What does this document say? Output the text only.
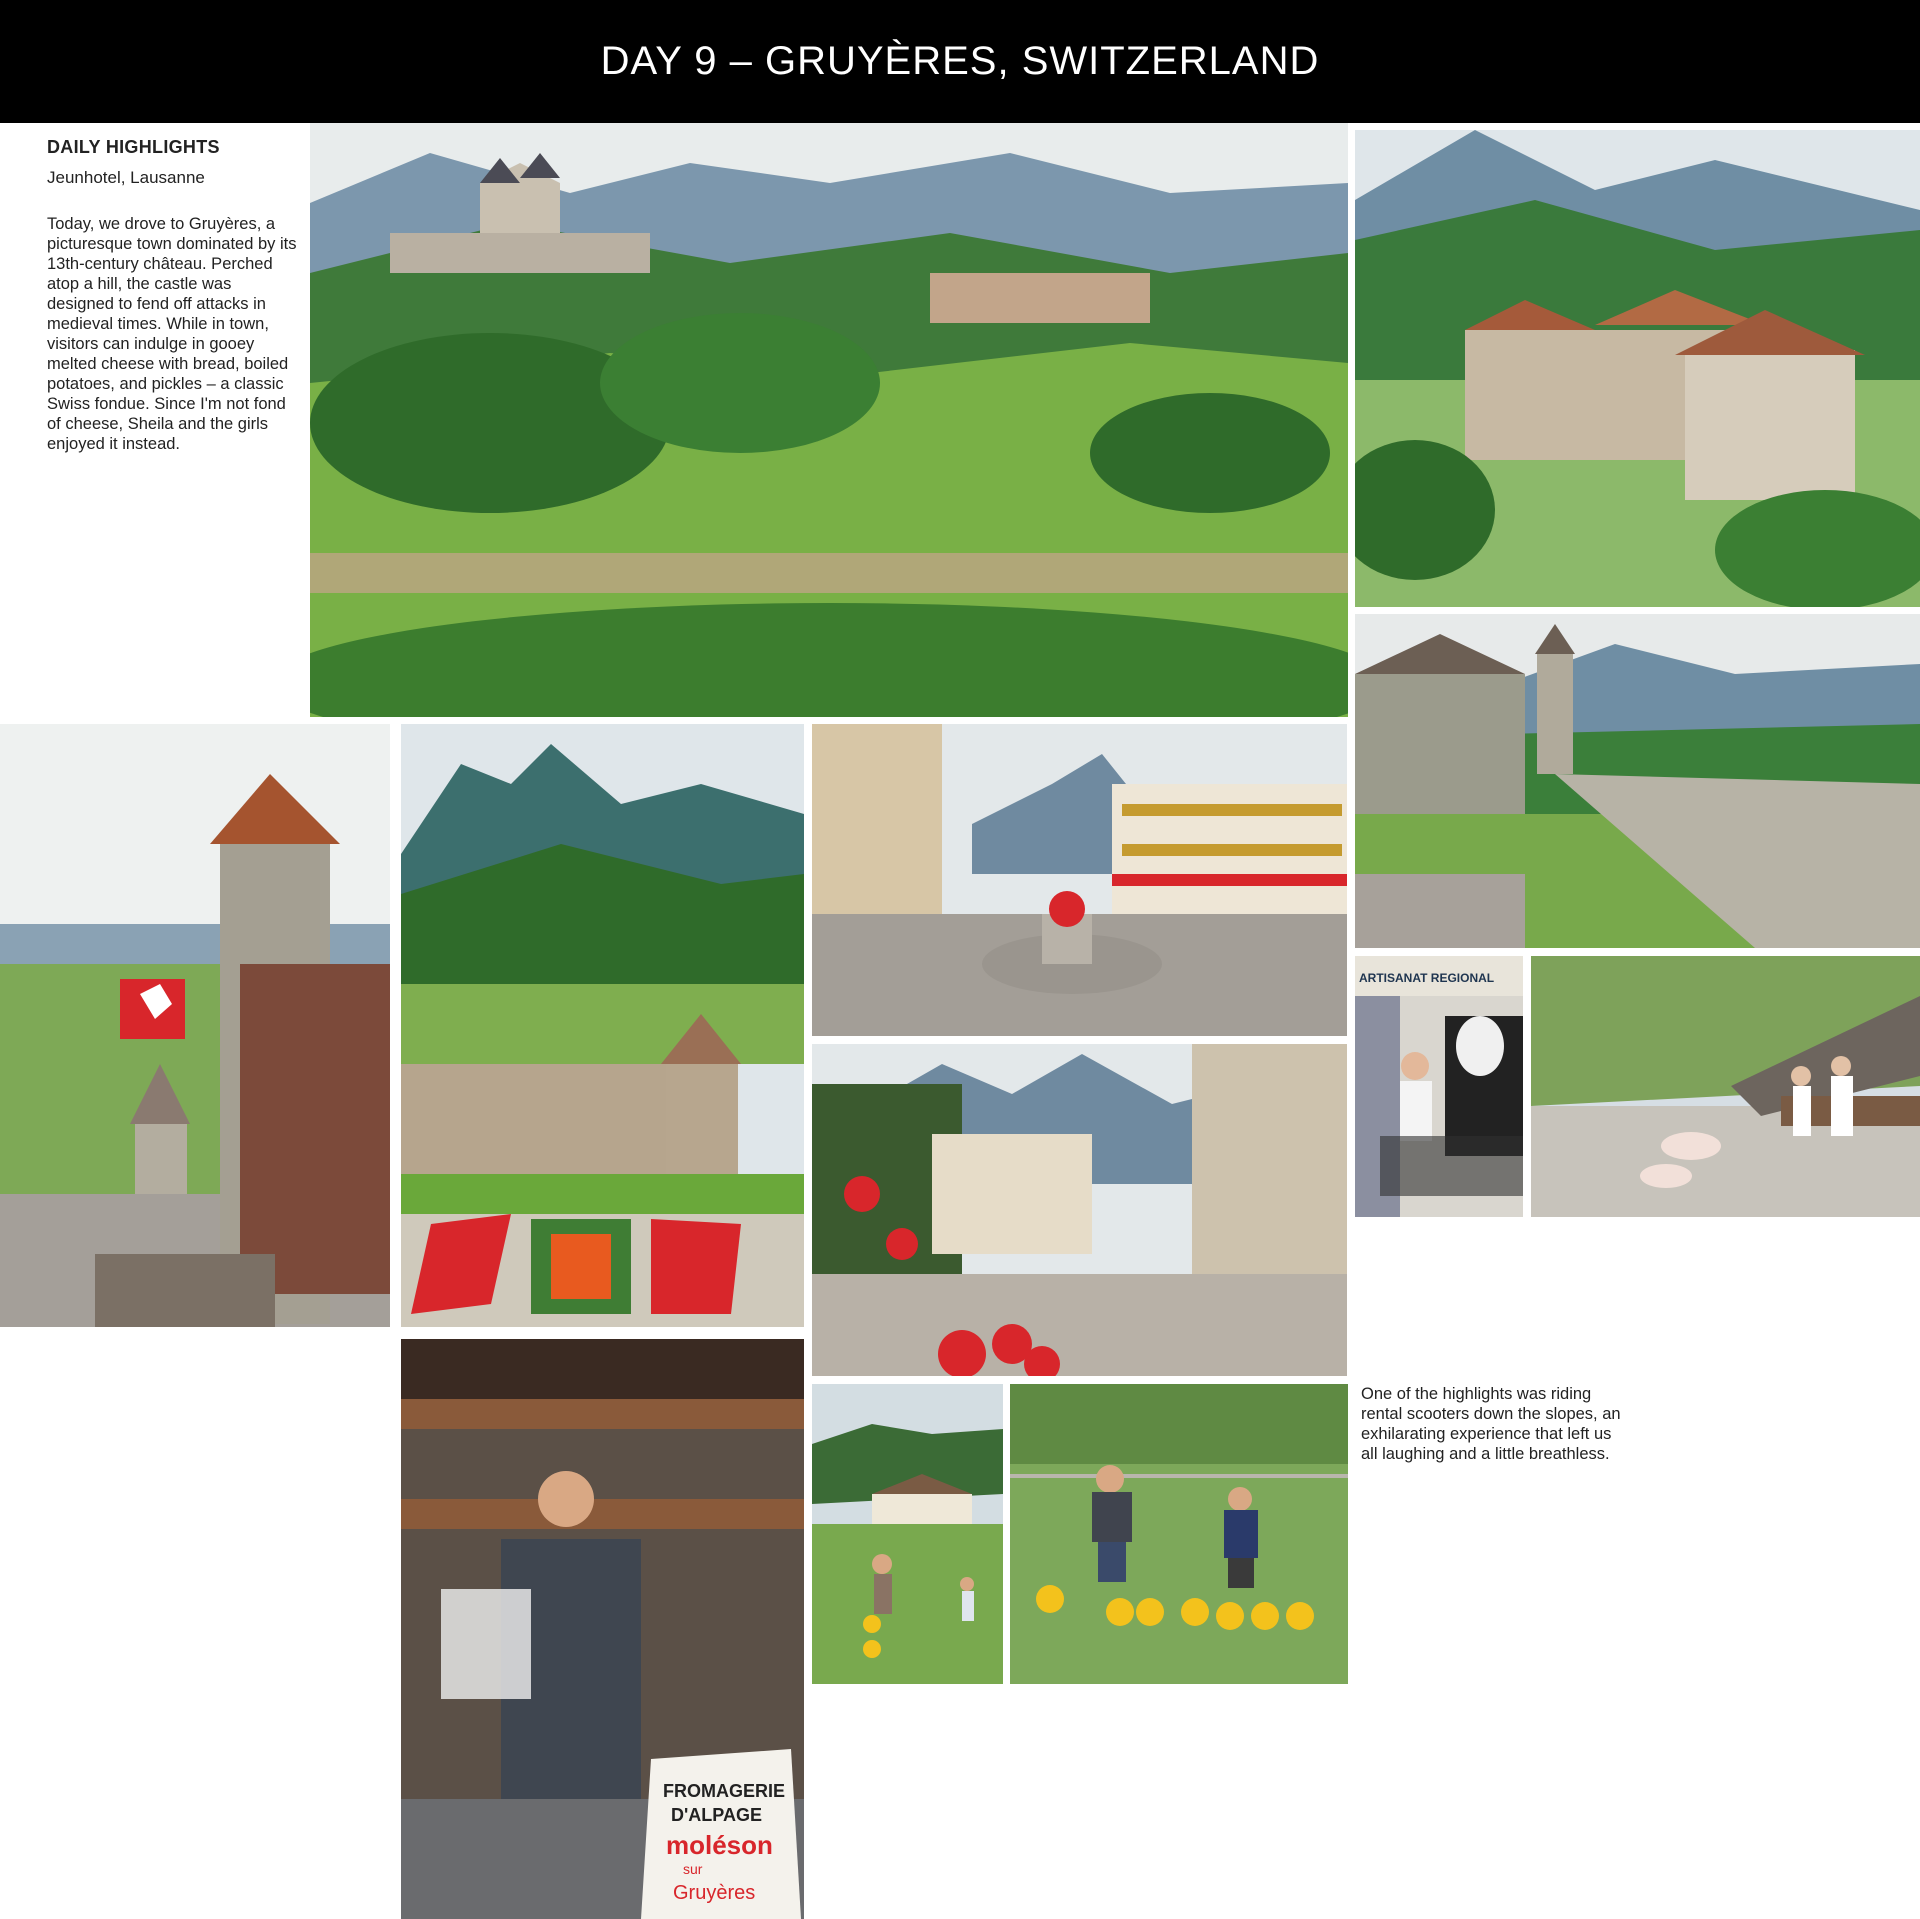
DAY 9 – GRUYÈRES, SWITZERLAND

DAILY HIGHLIGHTS

Jeunhotel, Lausanne

Today, we drove to Gruyères, a picturesque town dominated by its 13th-century château. Perched atop a hill, the castle was designed to fend off attacks in medieval times. While in town, visitors can indulge in gooey melted cheese with bread, boiled potatoes, and pickles – a classic Swiss fondue. Since I'm not fond of cheese, Sheila and the girls enjoyed it instead.

ARTISANAT REGIONAL
FROMAGERIE
D'ALPAGE
moléson
sur
Gruyères
One of the highlights was riding rental scooters down the slopes, an exhilarating experience that left us all laughing and a little breathless.
